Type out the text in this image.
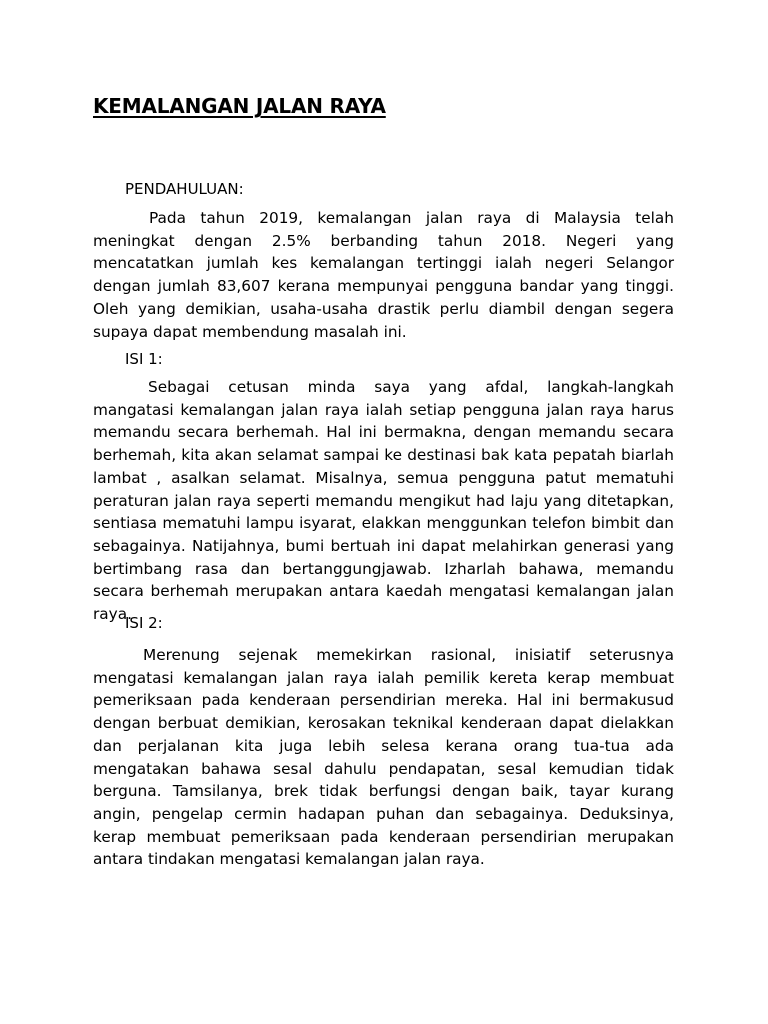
KEMALANGAN JALAN RAYA

PENDAHULUAN:

Pada tahun 2019, kemalangan jalan raya di Malaysia telah meningkat dengan 2.5% berbanding tahun 2018. Negeri yang mencatatkan jumlah kes kemalangan tertinggi ialah negeri Selangor dengan jumlah 83,607 kerana mempunyai pengguna bandar yang tinggi. Oleh yang demikian, usaha-usaha drastik perlu diambil dengan segera supaya dapat membendung masalah ini.

ISI 1:

Sebagai cetusan minda saya yang afdal, langkah-langkah mangatasi kemalangan jalan raya ialah setiap pengguna jalan raya harus memandu secara berhemah. Hal ini bermakna, dengan memandu secara berhemah, kita akan selamat sampai ke destinasi bak kata pepatah biarlah lambat , asalkan selamat. Misalnya, semua pengguna patut mematuhi peraturan jalan raya seperti memandu mengikut had laju yang ditetapkan, sentiasa mematuhi lampu isyarat, elakkan menggunkan telefon bimbit dan sebagainya. Natijahnya, bumi bertuah ini dapat melahirkan generasi yang bertimbang rasa dan bertanggungjawab. Izharlah bahawa, memandu secara berhemah merupakan antara kaedah mengatasi kemalangan jalan raya.

ISI 2:

Merenung sejenak memekirkan rasional, inisiatif seterusnya mengatasi kemalangan jalan raya ialah pemilik kereta kerap membuat pemeriksaan pada kenderaan persendirian mereka. Hal ini bermakusud dengan berbuat demikian, kerosakan teknikal kenderaan dapat dielakkan dan perjalanan kita juga lebih selesa kerana orang tua-tua ada mengatakan bahawa sesal dahulu pendapatan, sesal kemudian tidak berguna. Tamsilanya, brek tidak berfungsi dengan baik, tayar kurang angin, pengelap cermin hadapan puhan dan sebagainya. Deduksinya, kerap membuat pemeriksaan pada kenderaan persendirian merupakan antara tindakan mengatasi kemalangan jalan raya.
